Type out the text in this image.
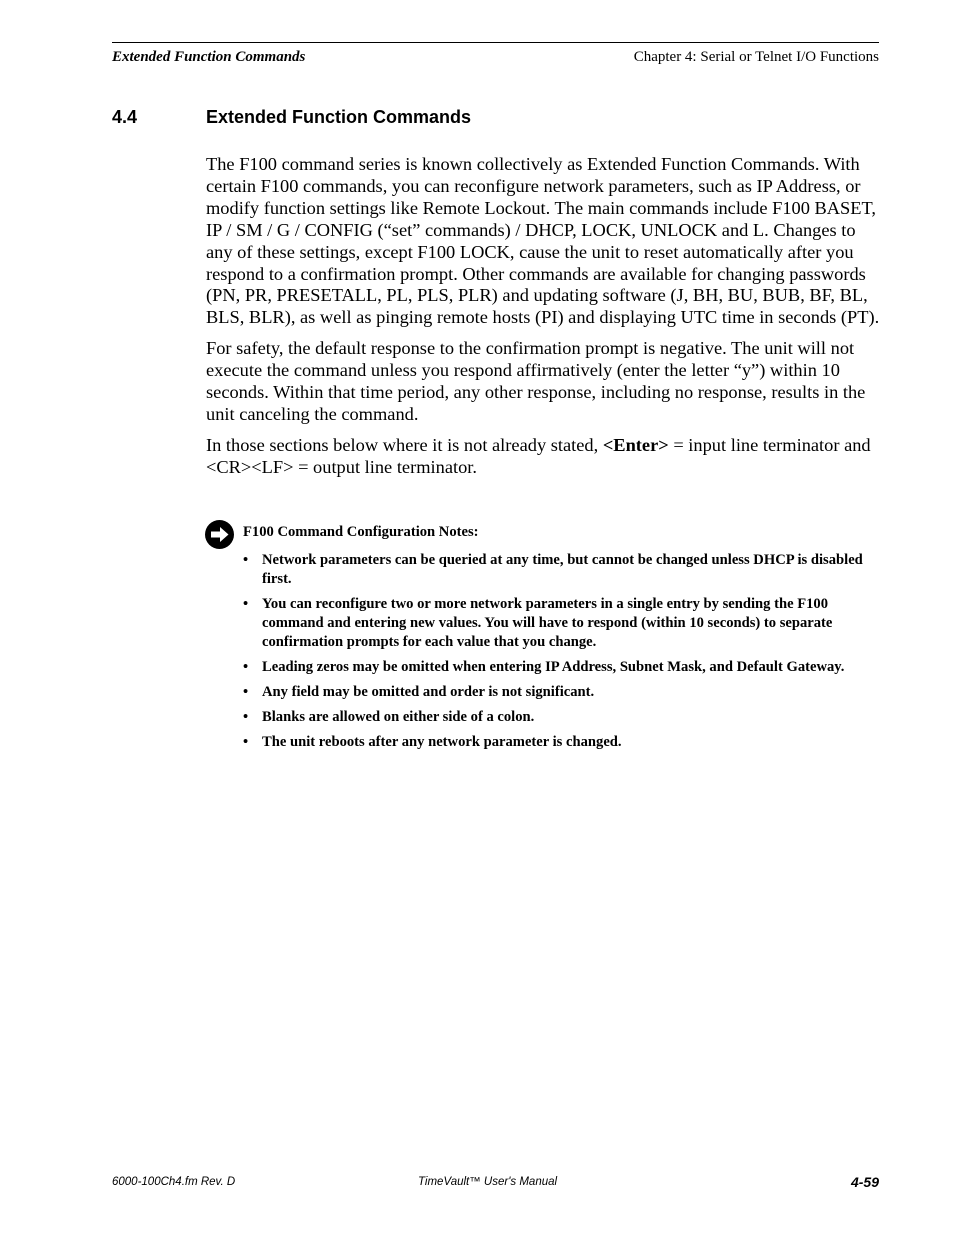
Extended Function Commands	Chapter 4: Serial or Telnet I/O Functions
4.4	Extended Function Commands

The F100 command series is known collectively as Extended Function Commands. With certain F100 commands, you can reconfigure network parameters, such as IP Address, or modify function settings like Remote Lockout. The main commands include F100 BASET, IP / SM / G / CONFIG (“set” commands) / DHCP, LOCK, UNLOCK and L. Changes to any of these settings, except F100 LOCK, cause the unit to reset automatically after you respond to a confirmation prompt. Other commands are available for changing passwords (PN, PR, PRESETALL, PL, PLS, PLR) and updating software (J, BH, BU, BUB, BF, BL, BLS, BLR), as well as pinging remote hosts (PI) and displaying UTC time in seconds (PT).

For safety, the default response to the confirmation prompt is negative. The unit will not execute the command unless you respond affirmatively (enter the letter “y”) within 10 seconds. Within that time period, any other response, including no response, results in the unit canceling the command.

In those sections below where it is not already stated, <Enter> = input line terminator and <CR><LF> = output line terminator.

F100 Command Configuration Notes:
• Network parameters can be queried at any time, but cannot be changed unless DHCP is disabled first.
• You can reconfigure two or more network parameters in a single entry by sending the F100 command and entering new values. You will have to respond (within 10 seconds) to separate confirmation prompts for each value that you change.
• Leading zeros may be omitted when entering IP Address, Subnet Mask, and Default Gateway.
• Any field may be omitted and order is not significant.
• Blanks are allowed on either side of a colon.
• The unit reboots after any network parameter is changed.
6000-100Ch4.fm Rev. D	TimeVault™ User's Manual	4-59
